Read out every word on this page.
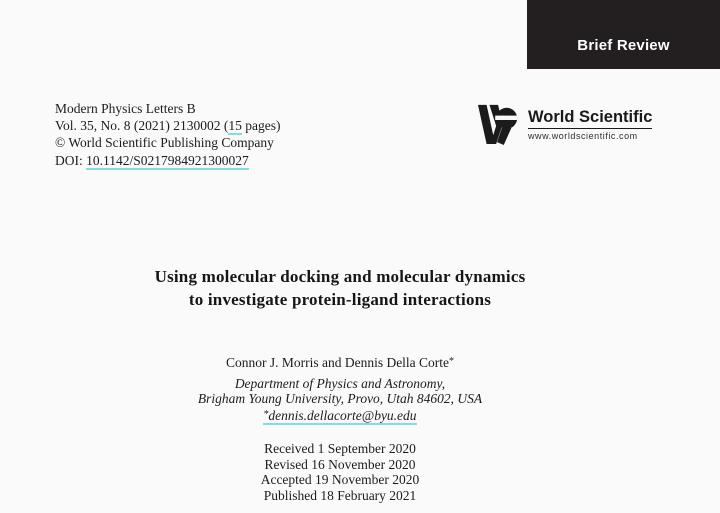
Brief Review
Modern Physics Letters B
Vol. 35, No. 8 (2021) 2130002 (15 pages)
© World Scientific Publishing Company
DOI: 10.1142/S0217984921300027
World Scientific
www.worldscientific.com
Using molecular docking and molecular dynamics
to investigate protein-ligand interactions
Connor J. Morris and Dennis Della Corte*
Department of Physics and Astronomy,
Brigham Young University, Provo, Utah 84602, USA
*dennis.dellacorte@byu.edu
Received 1 September 2020
Revised 16 November 2020
Accepted 19 November 2020
Published 18 February 2021
